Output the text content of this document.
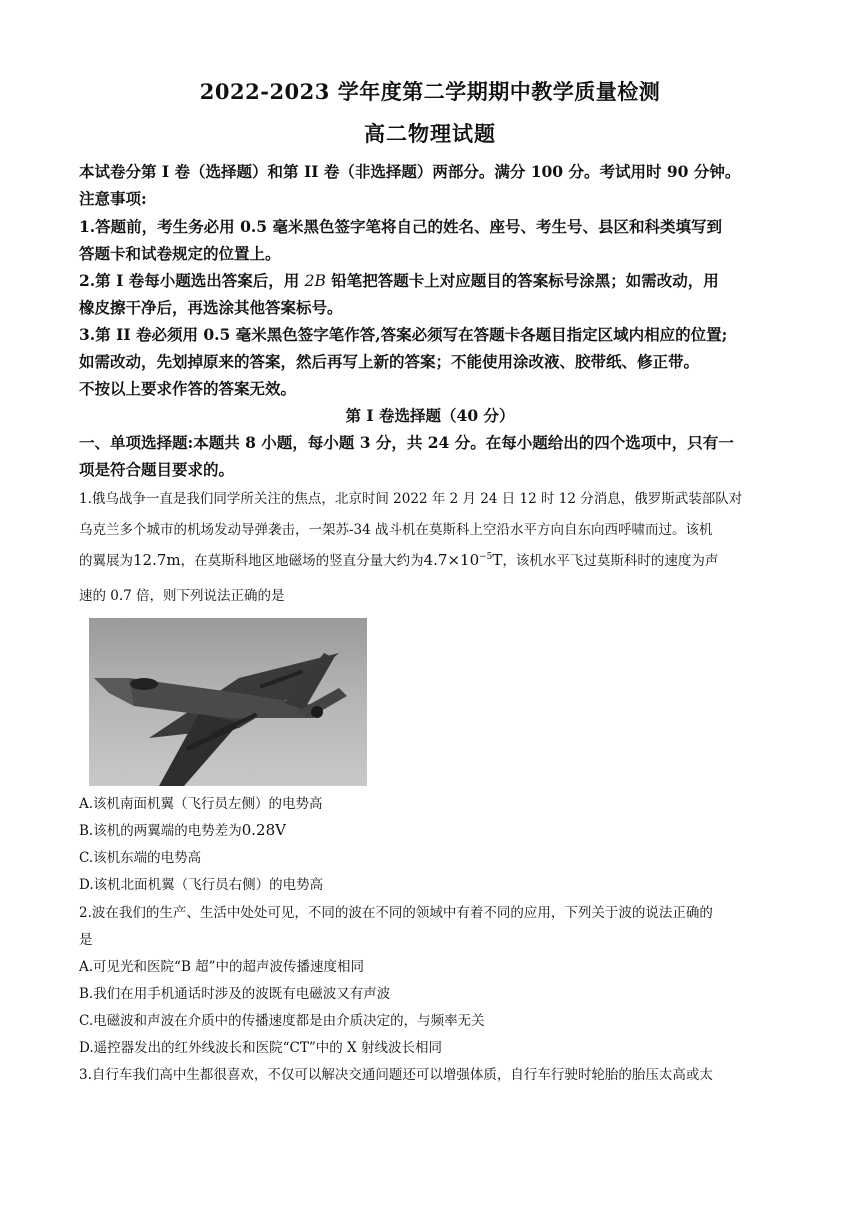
2022-2023 学年度第二学期期中教学质量检测
高二物理试题
本试卷分第 I 卷（选择题）和第 II 卷（非选择题）两部分。满分 100 分。考试用时 90 分钟。
注意事项:
1.答题前，考生务必用 0.5 毫米黑色签字笔将自己的姓名、座号、考生号、县区和科类填写到
答题卡和试卷规定的位置上。
2.第 I 卷每小题选出答案后，用 2B 铅笔把答题卡上对应题目的答案标号涂黑；如需改动，用
橡皮擦干净后，再选涂其他答案标号。
3.第 II 卷必须用 0.5 毫米黑色签字笔作答,答案必须写在答题卡各题目指定区域内相应的位置;
如需改动，先划掉原来的答案，然后再写上新的答案；不能使用涂改液、胶带纸、修正带。
不按以上要求作答的答案无效。
第 I 卷选择题（40 分）
一、单项选择题:本题共 8 小题，每小题 3 分，共 24 分。在每小题给出的四个选项中，只有一
项是符合题目要求的。
1.俄乌战争一直是我们同学所关注的焦点，北京时间 2022 年 2 月 24 日 12 时 12 分消息，俄罗斯武装部队对
乌克兰多个城市的机场发动导弹袭击，一架苏-34 战斗机在莫斯科上空沿水平方向自东向西呼啸而过。该机
的翼展为12.7m，在莫斯科地区地磁场的竖直分量大约为$4.7\times 10^{-5}T$，该机水平飞过莫斯科时的速度为声
速的 0.7 倍，则下列说法正确的是
A.该机南面机翼（飞行员左侧）的电势高
B.该机的两翼端的电势差为0.28V
C.该机东端的电势高
D.该机北面机翼（飞行员右侧）的电势高
2.波在我们的生产、生活中处处可见，不同的波在不同的领域中有着不同的应用，下列关于波的说法正确的
是
A.可见光和医院“B 超”中的超声波传播速度相同
B.我们在用手机通话时涉及的波既有电磁波又有声波
C.电磁波和声波在介质中的传播速度都是由介质决定的，与频率无关
D.遥控器发出的红外线波长和医院“CT”中的 X 射线波长相同
3.自行车我们高中生都很喜欢，不仅可以解决交通问题还可以增强体质，自行车行驶时轮胎的胎压太高或太
